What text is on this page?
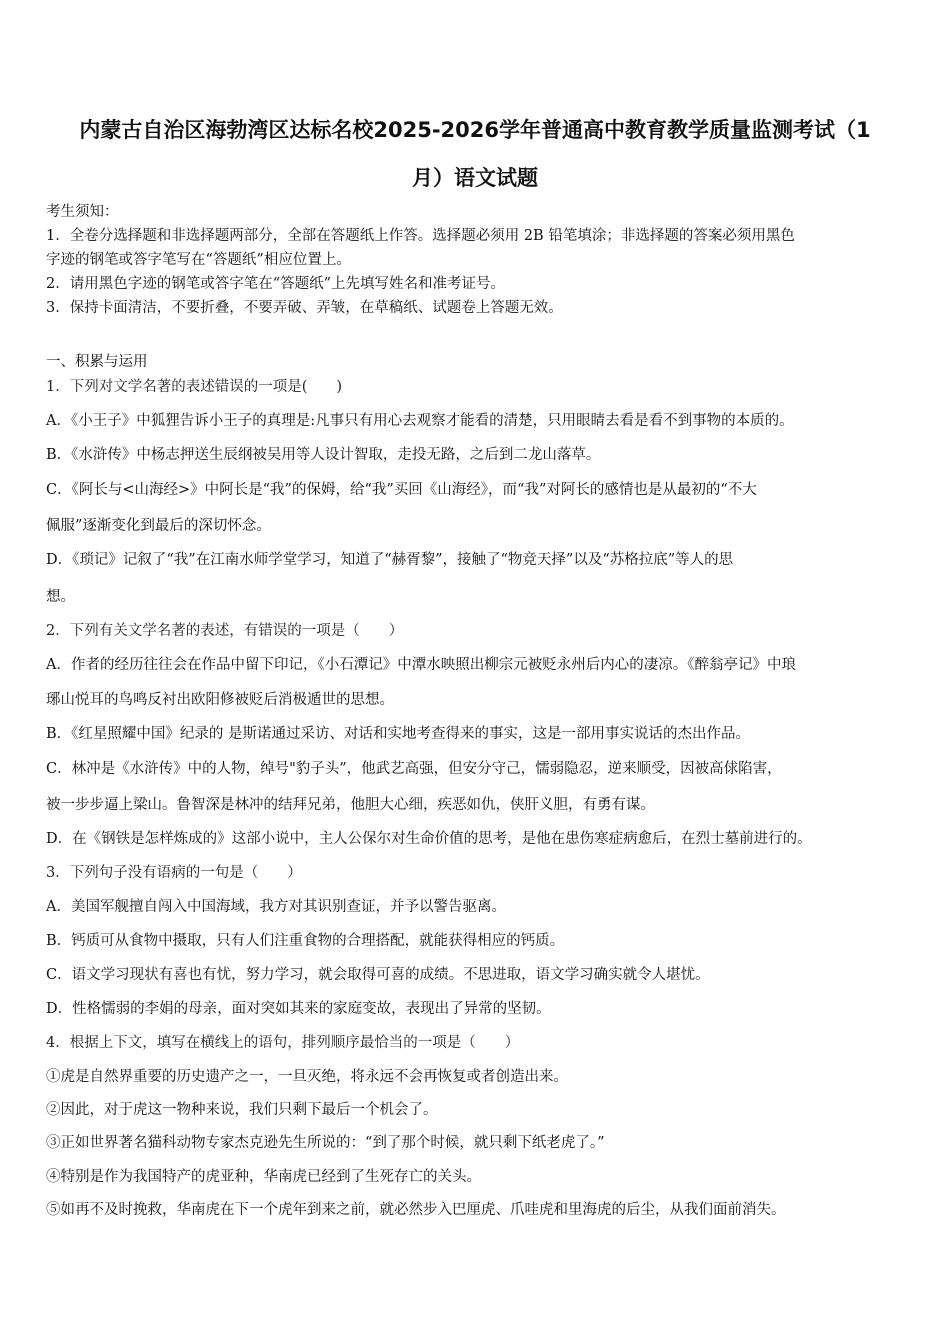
内蒙古自治区海勃湾区达标名校2025-2026学年普通高中教育教学质量监测考试（1
月）语文试题
考生须知：
1．全卷分选择题和非选择题两部分，全部在答题纸上作答。选择题必须用 2B 铅笔填涂；非选择题的答案必须用黑色
字迹的钢笔或答字笔写在“答题纸”相应位置上。
2．请用黑色字迹的钢笔或答字笔在“答题纸”上先填写姓名和准考证号。
3．保持卡面清洁，不要折叠，不要弄破、弄皱，在草稿纸、试题卷上答题无效。
一、积累与运用
1．下列对文学名著的表述错误的一项是(　　)
A．《小王子》中狐狸告诉小王子的真理是:凡事只有用心去观察才能看的清楚，只用眼睛去看是看不到事物的本质的。
B．《水浒传》中杨志押送生辰纲被吴用等人设计智取，走投无路，之后到二龙山落草。
C．《阿长与<山海经>》中阿长是“我”的保姆，给“我”买回《山海经》，而“我”对阿长的感情也是从最初的“不大
佩服”逐渐变化到最后的深切怀念。
D．《琐记》记叙了“我”在江南水师学堂学习，知道了“赫胥黎”，接触了“物竞天择”以及“苏格拉底”等人的思
想。
2．下列有关文学名著的表述，有错误的一项是（　　）
A．作者的经历往往会在作品中留下印记，《小石潭记》中潭水映照出柳宗元被贬永州后内心的凄凉。《醉翁亭记》中琅
琊山悦耳的鸟鸣反衬出欧阳修被贬后消极遁世的思想。
B．《红星照耀中国》纪录的 是斯诺通过采访、对话和实地考查得来的事实，这是一部用事实说话的杰出作品。
C．林冲是《水浒传》中的人物，绰号"豹子头”，他武艺高强，但安分守己，懦弱隐忍，逆来顺受，因被高俅陷害，
被一步步逼上梁山。鲁智深是林冲的结拜兄弟，他胆大心细，疾恶如仇，侠肝义胆，有勇有谋。
D．在《钢铁是怎样炼成的》这部小说中，主人公保尔对生命价值的思考，是他在患伤寒症病愈后，在烈士墓前进行的。
3．下列句子没有语病的一句是（　　）
A．美国军舰擅自闯入中国海域，我方对其识别查证，并予以警告驱离。
B．钙质可从食物中摄取，只有人们注重食物的合理搭配，就能获得相应的钙质。
C．语文学习现状有喜也有忧，努力学习，就会取得可喜的成绩。不思进取，语文学习确实就令人堪忧。
D．性格懦弱的李娟的母亲，面对突如其来的家庭变故，表现出了异常的坚韧。
4．根据上下文，填写在横线上的语句，排列顺序最恰当的一项是（　　）
①虎是自然界重要的历史遗产之一，一旦灭绝，将永远不会再恢复或者创造出来。
②因此，对于虎这一物种来说，我们只剩下最后一个机会了。
③正如世界著名猫科动物专家杰克逊先生所说的：“到了那个时候，就只剩下纸老虎了。”
④特别是作为我国特产的虎亚种，华南虎已经到了生死存亡的关头。
⑤如再不及时挽救，华南虎在下一个虎年到来之前，就必然步入巴厘虎、爪哇虎和里海虎的后尘，从我们面前消失。
